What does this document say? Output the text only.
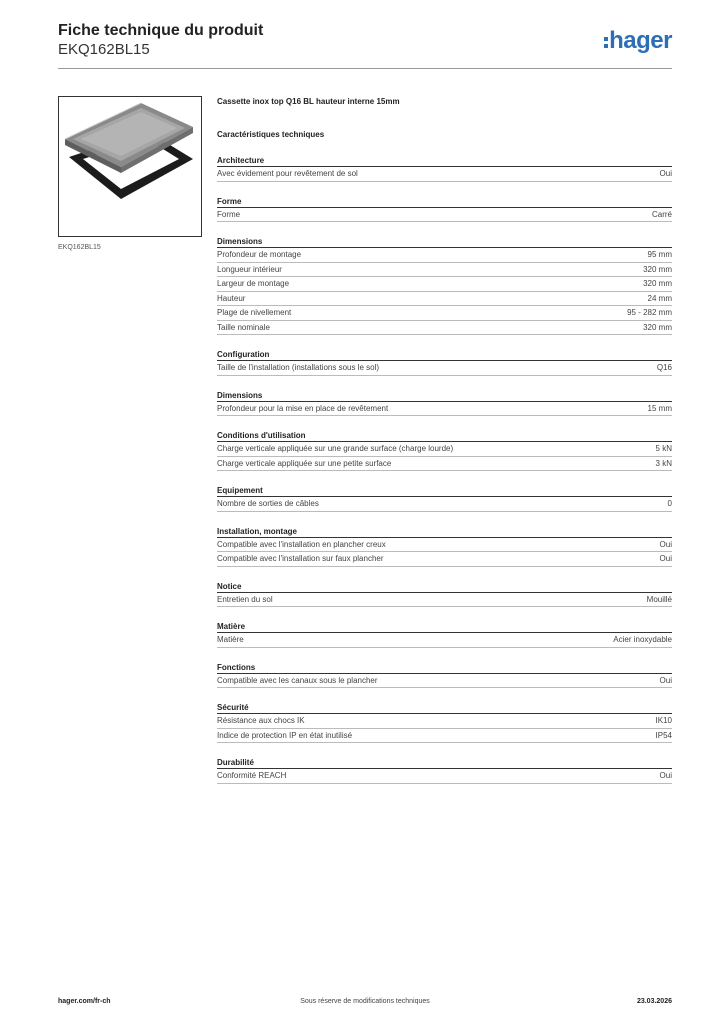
Fiche technique du produit
EKQ162BL15	hager
EKQ162BL15
Cassette inox top Q16 BL hauteur interne 15mm
Caractéristiques techniques
Architecture
Avec évidement pour revêtement de sol	Oui
Forme
Forme	Carré
Dimensions
Profondeur de montage	95 mm
Longueur intérieur	320 mm
Largeur de montage	320 mm
Hauteur	24 mm
Plage de nivellement	95 - 282 mm
Taille nominale	320 mm
Configuration
Taille de l'installation (installations sous le sol)	Q16
Dimensions
Profondeur pour la mise en place de revêtement	15 mm
Conditions d'utilisation
Charge verticale appliquée sur une grande surface (charge lourde)	5 kN
Charge verticale appliquée sur une petite surface	3 kN
Equipement
Nombre de sorties de câbles	0
Installation, montage
Compatible avec l'installation en plancher creux	Oui
Compatible avec l'installation sur faux plancher	Oui
Notice
Entretien du sol	Mouillé
Matière
Matière	Acier inoxydable
Fonctions
Compatible avec les canaux sous le plancher	Oui
Sécurité
Résistance aux chocs IK	IK10
Indice de protection IP en état inutilisé	IP54
Durabilité
Conformité REACH	Oui
hager.com/fr-ch	Sous réserve de modifications techniques	23.03.2026
